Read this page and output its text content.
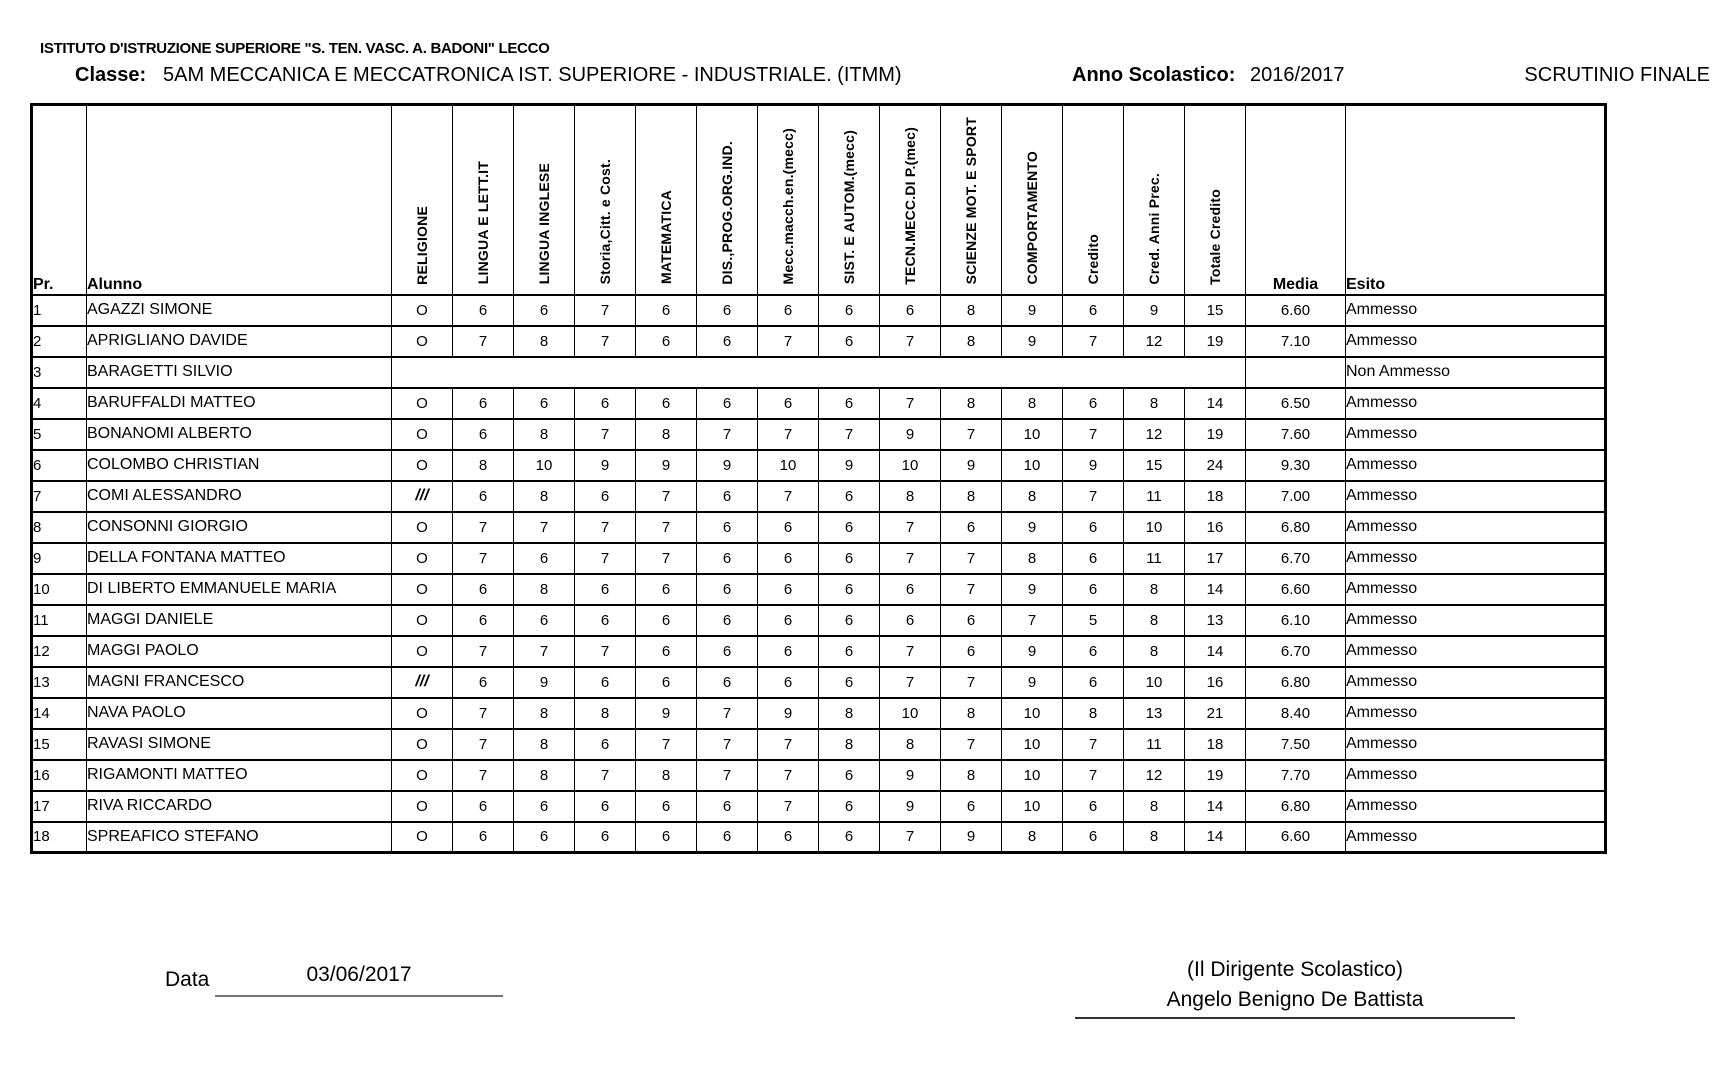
ISTITUTO D'ISTRUZIONE SUPERIORE "S. TEN. VASC. A. BADONI" LECCO
Classe: 5AM MECCANICA E MECCATRONICA IST. SUPERIORE - INDUSTRIALE. (ITMM)	Anno Scolastico: 2016/2017	SCRUTINIO FINALE
Pr.	Alunno	RELIGIONE	LINGUA E LETT.IT	LINGUA INGLESE	Storia,Citt. e Cost.	MATEMATICA	DIS.,PROG.ORG.IND.	Mecc.macch.en.(mecc)	SIST. E AUTOM.(mecc)	TECN.MECC.DI P.(mec)	SCIENZE MOT. E SPORT	COMPORTAMENTO	Credito	Cred. Anni Prec.	Totale Credito	Media	Esito
1	AGAZZI SIMONE	O	6	6	7	6	6	6	6	6	8	9	6	9	15	6.60	Ammesso
2	APRIGLIANO DAVIDE	O	7	8	7	6	6	7	6	7	8	9	7	12	19	7.10	Ammesso
3	BARAGETTI SILVIO																Non Ammesso
4	BARUFFALDI MATTEO	O	6	6	6	6	6	6	6	7	8	8	6	8	14	6.50	Ammesso
5	BONANOMI ALBERTO	O	6	8	7	8	7	7	7	9	7	10	7	12	19	7.60	Ammesso
6	COLOMBO CHRISTIAN	O	8	10	9	9	9	10	9	10	9	10	9	15	24	9.30	Ammesso
7	COMI ALESSANDRO	///	6	8	6	7	6	7	6	8	8	8	7	11	18	7.00	Ammesso
8	CONSONNI GIORGIO	O	7	7	7	7	6	6	6	7	6	9	6	10	16	6.80	Ammesso
9	DELLA FONTANA MATTEO	O	7	6	7	7	6	6	6	7	7	8	6	11	17	6.70	Ammesso
10	DI LIBERTO EMMANUELE MARIA	O	6	8	6	6	6	6	6	6	7	9	6	8	14	6.60	Ammesso
11	MAGGI DANIELE	O	6	6	6	6	6	6	6	6	6	7	5	8	13	6.10	Ammesso
12	MAGGI PAOLO	O	7	7	7	6	6	6	6	7	6	9	6	8	14	6.70	Ammesso
13	MAGNI FRANCESCO	///	6	9	6	6	6	6	6	7	7	9	6	10	16	6.80	Ammesso
14	NAVA PAOLO	O	7	8	8	9	7	9	8	10	8	10	8	13	21	8.40	Ammesso
15	RAVASI SIMONE	O	7	8	6	7	7	7	8	8	7	10	7	11	18	7.50	Ammesso
16	RIGAMONTI MATTEO	O	7	8	7	8	7	7	6	9	8	10	7	12	19	7.70	Ammesso
17	RIVA RICCARDO	O	6	6	6	6	6	7	6	9	6	10	6	8	14	6.80	Ammesso
18	SPREAFICO STEFANO	O	6	6	6	6	6	6	6	7	9	8	6	8	14	6.60	Ammesso
Data	03/06/2017	(Il Dirigente Scolastico)
Angelo Benigno De Battista
